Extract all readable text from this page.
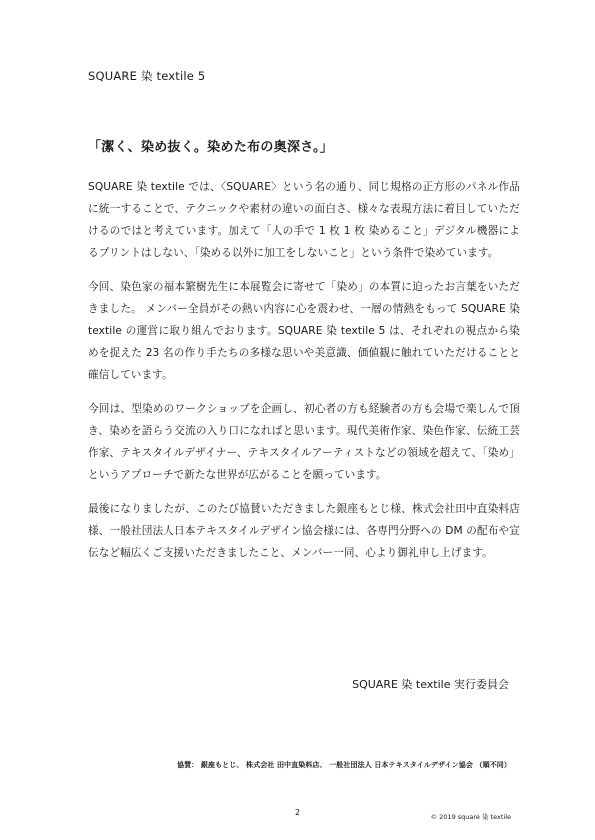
SQUARE 染 textile 5
「潔く、染め抜く。染めた布の奥深さ。」

SQUARE 染 textile では、〈SQUARE〉という名の通り、同じ規格の正方形のパネル作品に統一することで、テクニックや素材の違いの面白さ、様々な表現方法に着目していただけるのではと考えています。加えて「人の手で 1 枚 1 枚 染めること」デジタル機器によるプリントはしない、「染める以外に加工をしないこと」という条件で染めています。

今回、染色家の福本繁樹先生に本展覧会に寄せて「染め」の本質に迫ったお言葉をいただきました。 メンバー全員がその熱い内容に心を震わせ、一層の情熱をもって SQUARE 染 textile の運営に取り組んでおります。SQUARE 染 textile 5 は、それぞれの視点から染めを捉えた 23 名の作り手たちの多様な思いや美意識、価値観に触れていただけることと確信しています。

今回は、型染めのワークショップを企画し、初心者の方も経験者の方も会場で楽しんで頂き、染めを語らう交流の入り口になればと思います。現代美術作家、染色作家、伝統工芸作家、テキスタイルデザイナー、テキスタイルアーティストなどの領域を超えて、「染め」というアプローチで新たな世界が広がることを願っています。

最後になりましたが、このたび協賛いただきました銀座もとじ様、株式会社田中直染料店様、一般社団法人日本テキスタイルデザイン協会様には、各専門分野への DM の配布や宣伝など幅広くご支援いただきましたこと、メンバー一同、心より御礼申し上げます。

SQUARE 染 textile 実行委員会
協賛： 銀座もとじ、 株式会社 田中直染料店、 一般社団法人 日本テキスタイルデザイン協会 （順不同）
2	© 2019 square 染 textile
